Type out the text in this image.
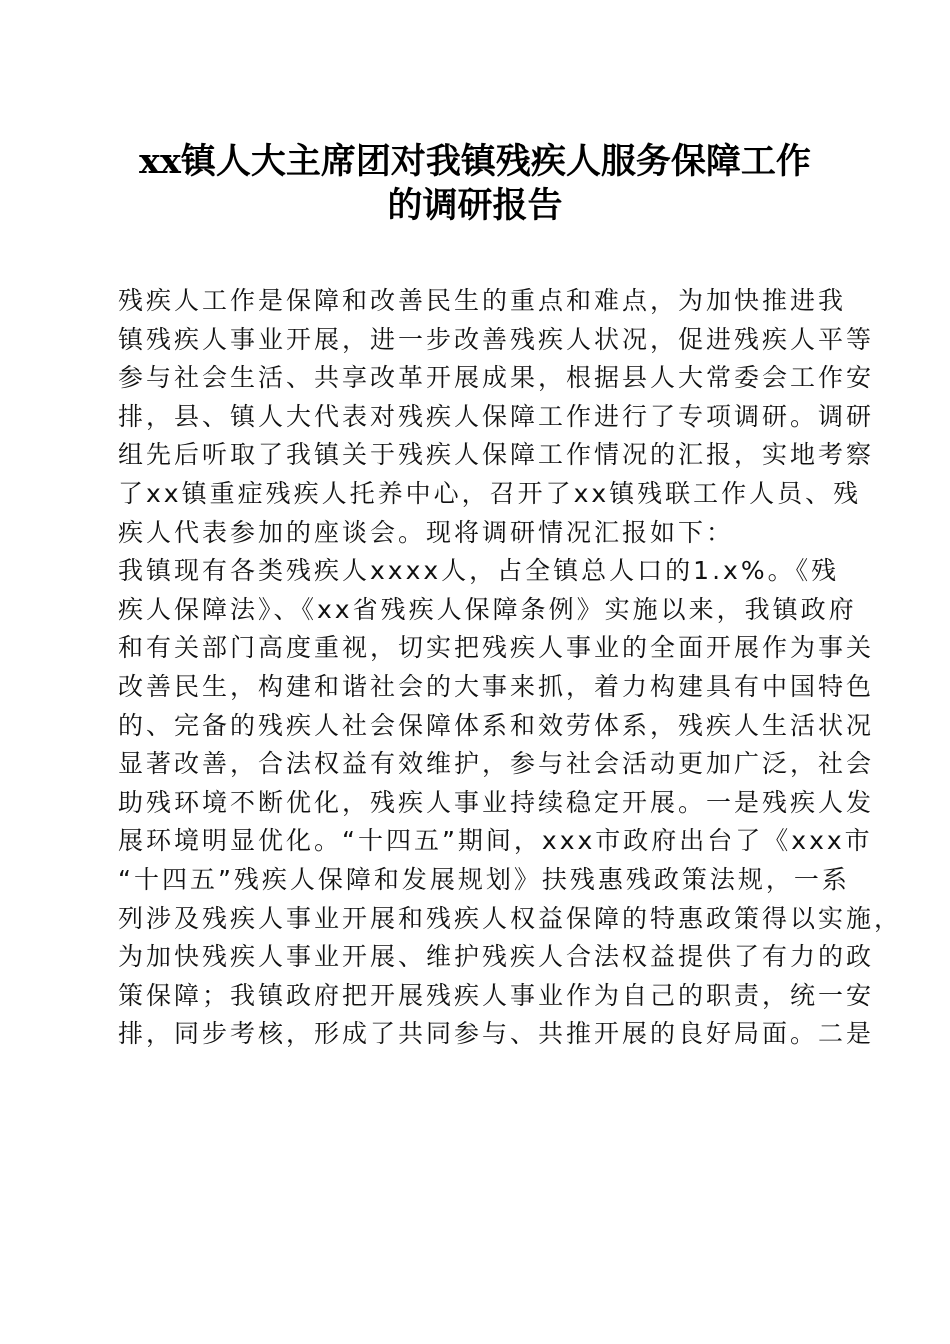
xx镇人大主席团对我镇残疾人服务保障工作
的调研报告
残疾人工作是保障和改善民生的重点和难点，为加快推进我
镇残疾人事业开展，进一步改善残疾人状况，促进残疾人平等
参与社会生活、共享改革开展成果，根据县人大常委会工作安
排，县、镇人大代表对残疾人保障工作进行了专项调研。调研
组先后听取了我镇关于残疾人保障工作情况的汇报，实地考察
了xx镇重症残疾人托养中心，召开了xx镇残联工作人员、残
疾人代表参加的座谈会。现将调研情况汇报如下：
我镇现有各类残疾人xxxx人，占全镇总人口的1.x%。《残
疾人保障法》、《xx省残疾人保障条例》实施以来，我镇政府
和有关部门高度重视，切实把残疾人事业的全面开展作为事关
改善民生，构建和谐社会的大事来抓，着力构建具有中国特色
的、完备的残疾人社会保障体系和效劳体系，残疾人生活状况
显著改善，合法权益有效维护，参与社会活动更加广泛，社会
助残环境不断优化，残疾人事业持续稳定开展。一是残疾人发
展环境明显优化。“十四五”期间，xxx市政府出台了《xxx市
“十四五”残疾人保障和发展规划》扶残惠残政策法规，一系
列涉及残疾人事业开展和残疾人权益保障的特惠政策得以实施，
为加快残疾人事业开展、维护残疾人合法权益提供了有力的政
策保障；我镇政府把开展残疾人事业作为自己的职责，统一安
排，同步考核，形成了共同参与、共推开展的良好局面。二是
